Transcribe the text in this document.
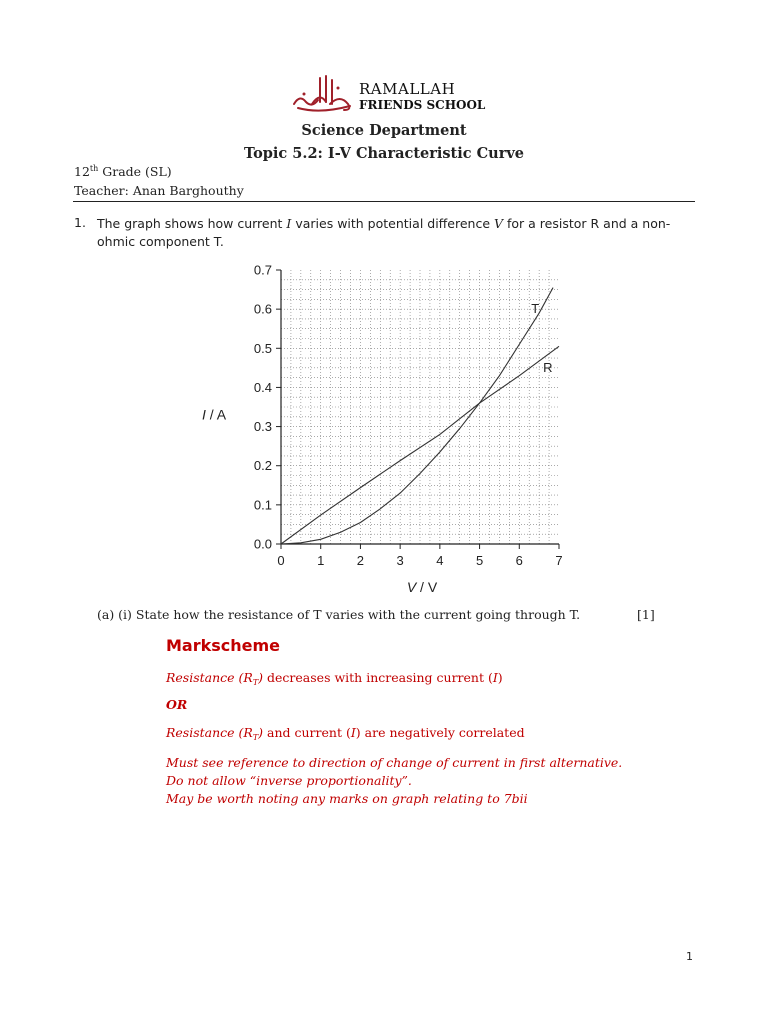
RAMALLAH
FRIENDS SCHOOL
Science Department
Topic 5.2: I-V Characteristic Curve
12th Grade (SL)
Teacher: Anan Barghouthy
1. The graph shows how current I varies with potential difference V for a resistor R and a non-ohmic component T.
0 1 2 3 4 5 6 7
0.0
0.1
0.2
0.3
0.4
0.5
0.6
0.7
V / V
I / A
R
T
(a) (i) State how the resistance of T varies with the current going through T.	[1]
Markscheme
Resistance $(R_T)$ decreases with increasing current (I)
OR
Resistance $(R_T)$ and current (I) are negatively correlated
Must see reference to direction of change of current in first alternative.
Do not allow “inverse proportionality”.
May be worth noting any marks on graph relating to 7bii
1
